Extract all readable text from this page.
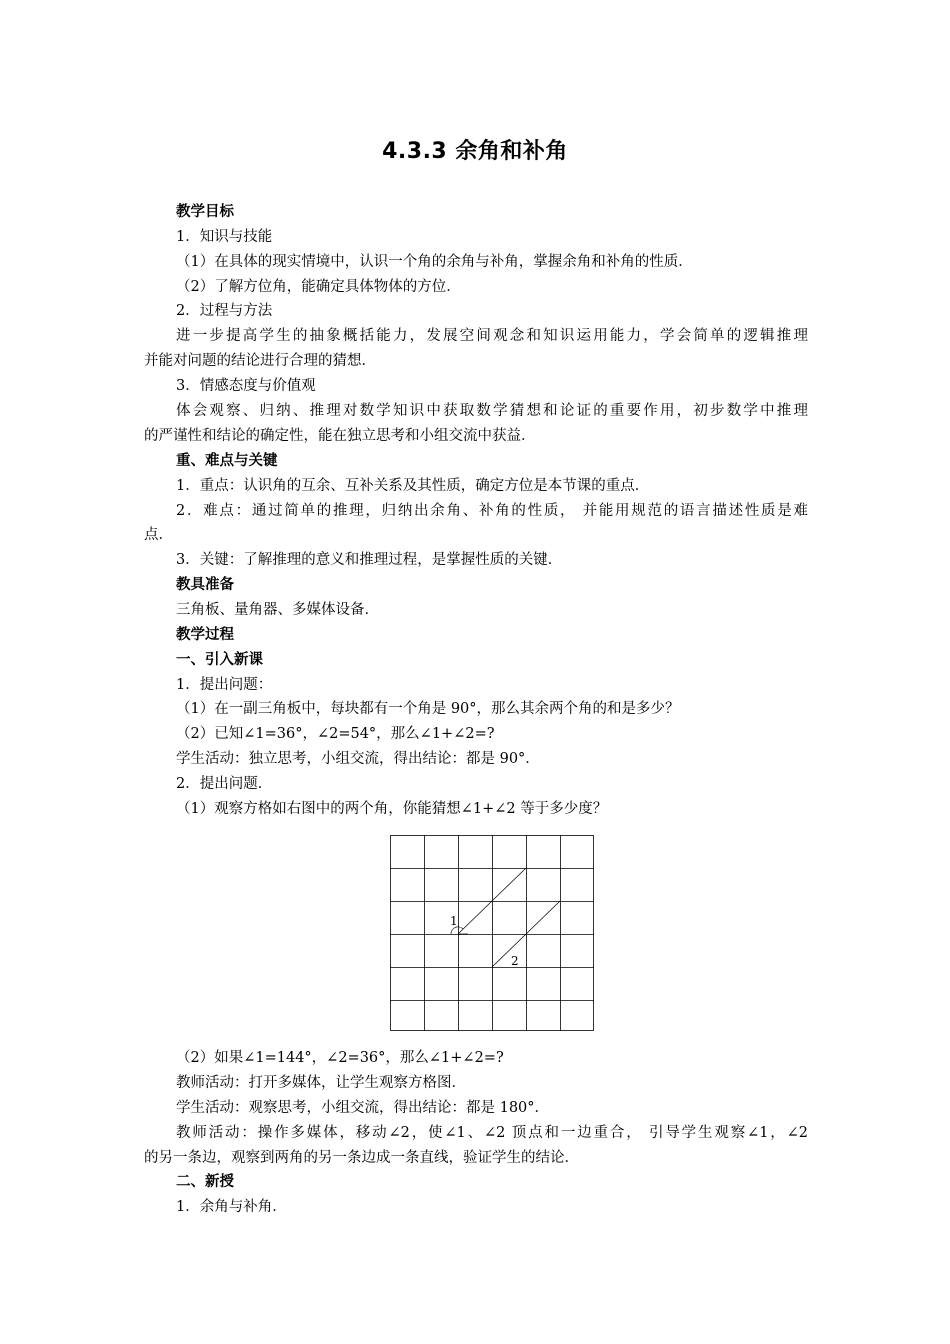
4.3.3 余角和补角
教学目标
1．知识与技能
（1）在具体的现实情境中，认识一个角的余角与补角，掌握余角和补角的性质．
（2）了解方位角，能确定具体物体的方位．
2．过程与方法
进一步提高学生的抽象概括能力，发展空间观念和知识运用能力，学会简单的逻辑推理
并能对问题的结论进行合理的猜想．
3．情感态度与价值观
体会观察、归纳、推理对数学知识中获取数学猜想和论证的重要作用，初步数学中推理
的严谨性和结论的确定性，能在独立思考和小组交流中获益．
重、难点与关键
1．重点：认识角的互余、互补关系及其性质，确定方位是本节课的重点．
2．难点：通过简单的推理，归纳出余角、补角的性质， 并能用规范的语言描述性质是难
点．
3．关键：了解推理的意义和推理过程，是掌握性质的关键．
教具准备
三角板、量角器、多媒体设备．
教学过程
一、引入新课
1．提出问题：
（1）在一副三角板中，每块都有一个角是 90°，那么其余两个角的和是多少？
（2）已知∠1=36°，∠2=54°，那么∠1+∠2=?
学生活动：独立思考，小组交流，得出结论：都是 90°．
2．提出问题．
（1）观察方格如右图中的两个角，你能猜想∠1+∠2 等于多少度？
1
2
（2）如果∠1=144°，∠2=36°，那么∠1+∠2=?
教师活动：打开多媒体，让学生观察方格图．
学生活动：观察思考，小组交流，得出结论：都是 180°．
教师活动：操作多媒体，移动∠2，使∠1、∠2 顶点和一边重合， 引导学生观察∠1，∠2
的另一条边，观察到两角的另一条边成一条直线，验证学生的结论．
二、新授
1．余角与补角．
